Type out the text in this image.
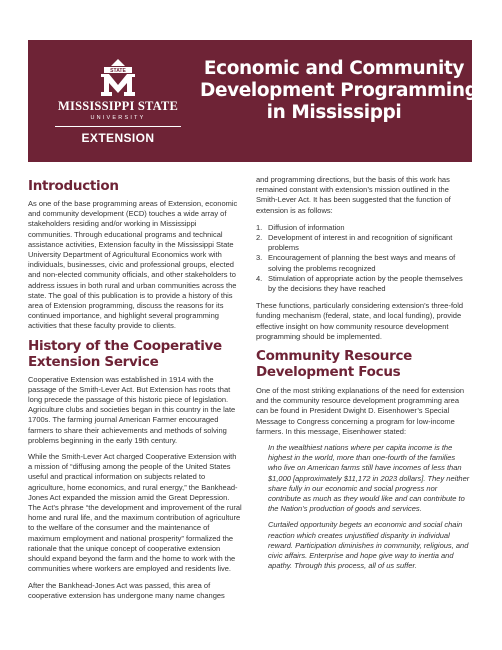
STATE
MISSISSIPPI STATE
UNIVERSITY
EXTENSION
Economic and Community
Development Programming
in Mississippi
Introduction

As one of the base programming areas of Extension, economic and community development (ECD) touches a wide array of stakeholders residing and/or working in Mississippi communities. Through educational programs and technical assistance activities, Extension faculty in the Mississippi State University Department of Agricultural Economics work with individuals, businesses, civic and professional groups, elected and non-elected community officials, and other stakeholders to address issues in both rural and urban communities across the state. The goal of this publication is to provide a history of this area of Extension programming, discuss the reasons for its continued importance, and highlight several programming activities that these faculty provide to clients.

History of the Cooperative
Extension Service

Cooperative Extension was established in 1914 with the passage of the Smith-Lever Act. But Extension has roots that long precede the passage of this historic piece of legislation. Agriculture clubs and societies began in this country in the late 1700s. The farming journal American Farmer encouraged farmers to share their achievements and methods of solving problems beginning in the early 19th century.

While the Smith-Lever Act charged Cooperative Extension with a mission of “diffusing among the people of the United States useful and practical information on subjects related to agriculture, home economics, and rural energy,” the Bankhead-Jones Act expanded the mission amid the Great Depression. The Act’s phrase “the development and improvement of the rural home and rural life, and the maximum contribution of agriculture to the welfare of the consumer and the maintenance of maximum employment and national prosperity” formalized the rationale that the unique concept of cooperative extension should expand beyond the farm and the home to work with the communities where workers are employed and residents live.

After the Bankhead-Jones Act was passed, this area of cooperative extension has undergone many name changes

and programming directions, but the basis of this work has remained constant with extension’s mission outlined in the Smith-Lever Act. It has been suggested that the function of extension is as follows:

1. Diffusion of information
2. Development of interest in and recognition of significant problems
3. Encouragement of planning the best ways and means of solving the problems recognized
4. Stimulation of appropriate action by the people themselves by the decisions they have reached

These functions, particularly considering extension’s three-fold funding mechanism (federal, state, and local funding), provide effective insight on how community resource development programming should be implemented.

Community Resource
Development Focus

One of the most striking explanations of the need for extension and the community resource development programming area can be found in President Dwight D. Eisenhower’s Special Message to Congress concerning a program for low-income farmers. In this message, Eisenhower stated:

In the wealthiest nations where per capita income is the highest in the world, more than one-fourth of the families who live on American farms still have incomes of less than $1,000 [approximately $11,172 in 2023 dollars]. They neither share fully in our economic and social progress nor contribute as much as they would like and can contribute to the Nation’s production of goods and services.

Curtailed opportunity begets an economic and social chain reaction which creates unjustified disparity in individual reward. Participation diminishes in community, religious, and civic affairs. Enterprise and hope give way to inertia and apathy. Through this process, all of us suffer.
